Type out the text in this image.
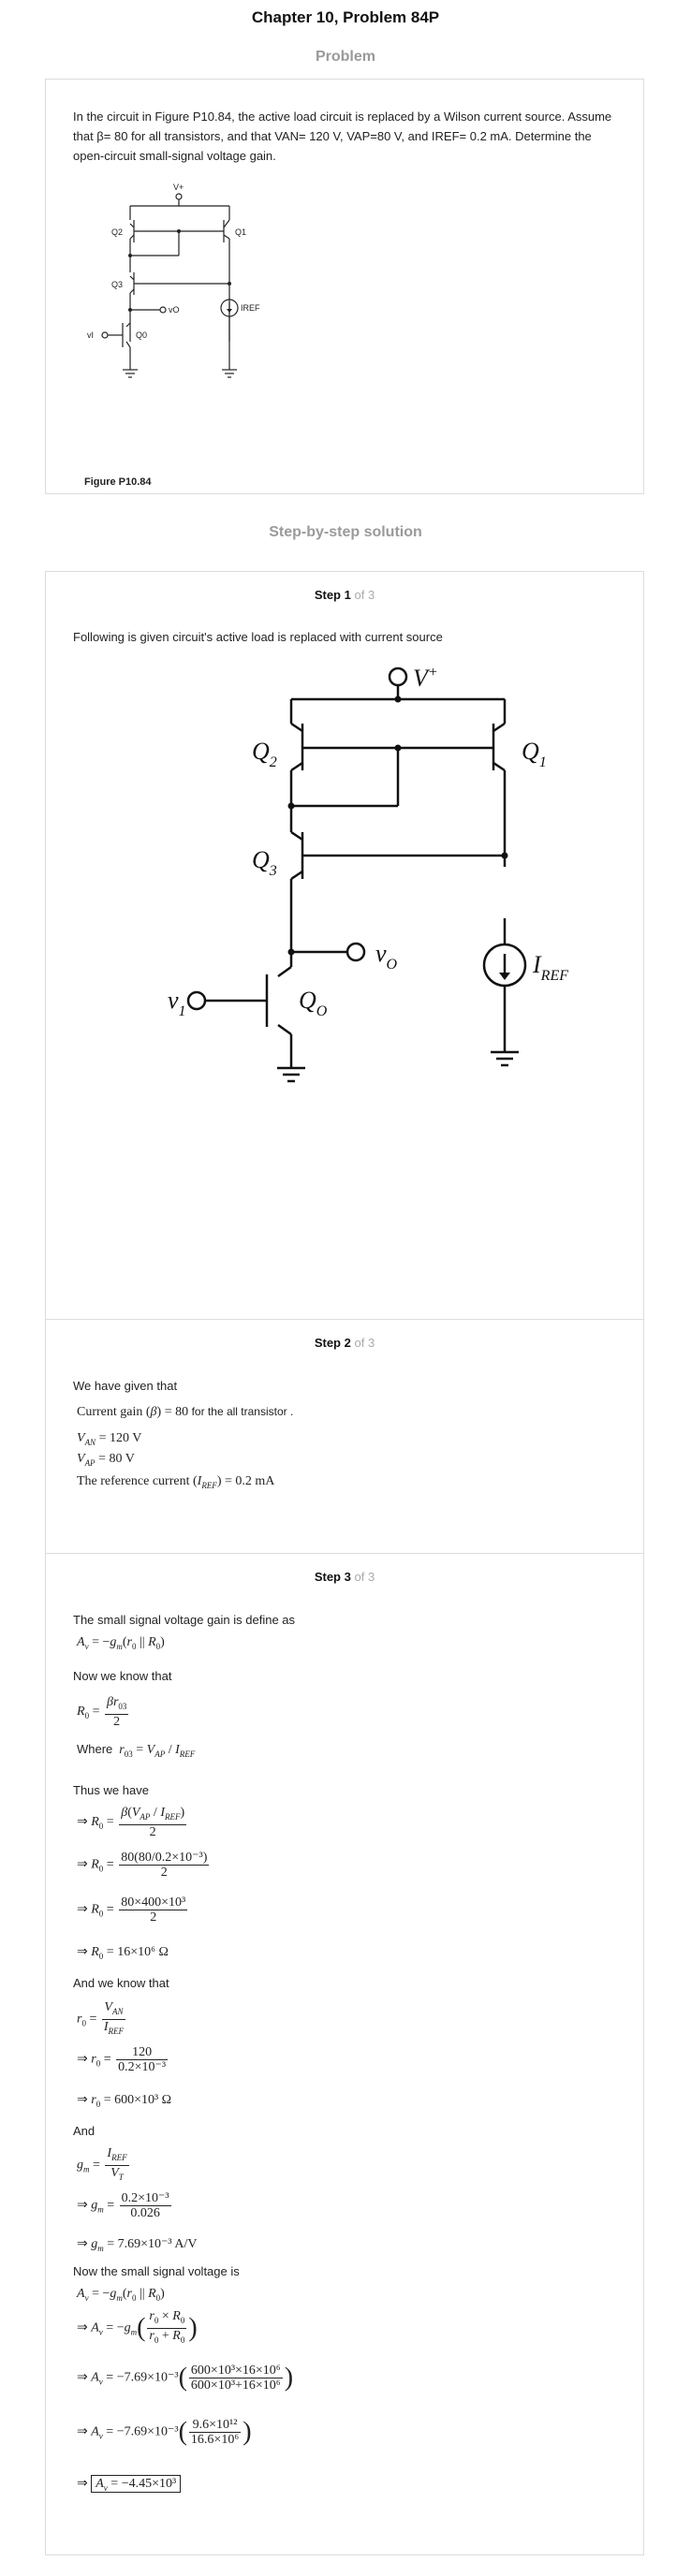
Chapter 10, Problem 84P
Problem
In the circuit in Figure P10.84, the active load circuit is replaced by a Wilson current source. Assume that β= 80 for all transistors, and that VAN= 120 V, VAP=80 V, and IREF= 0.2 mA. Determine the open-circuit small-signal voltage gain.
V+
Q2	Q1
Q3
vO	IREF
vI	Q0
Figure P10.84
Step-by-step solution
Step 1 of 3
Following is given circuit's active load is replaced with current source
V+
$Q_2$	$Q_1$
$Q_3$
$v_O$	$I_{REF}$
$v_1$	$Q_O$
Step 2 of 3
We have given that
Current gain (β) = 80 for the all transistor .
$V_{AN} = 120$ V
$V_{AP} = 80$ V
The reference current $(I_{REF}) = 0.2$ mA
Step 3 of 3
The small signal voltage gain is define as
$A_v = -g_m(r_0$ || $R_0$)
Now we know that
$R_0 = \frac{\beta r_{03}}{2}$
Where $r_{03} = V_{AP} / I_{REF}$
Thus we have
⇒ $R_0 = \frac{\beta(V_{AP} / I_{REF})}{2}$
⇒ $R_0 = \frac{\text{80(80/0.2×10⁻³)}}{2}$
⇒ $R_0 = \frac{\text{80×400×10³}}{2}$
⇒ $R_0 = 16\times 10^6$ Ω
And we know that
$r_0 = \frac{V_{AN}}{I_{REF}}$
⇒ $r_0 = \frac{120}{\text{0.2×10⁻³}}$
⇒ $r_0 = 600\times 10^3$ Ω
And
$g_m = \frac{I_{REF}}{V_T}$
⇒ $g_m = \frac{\text{0.2×10⁻³}}{0.026}$
⇒ $g_m = 7.69\times 10^{-3}$ A/V
Now the small signal voltage is
$A_v = -g_m(r_0$ || $R_0$)
⇒ $A_v = -g_m( \frac{r_0 \times R_0}{r_0 + R_0}$ )
⇒ $A_v = -7.69\times 10^{-3}( \frac{\text{600×10³×16×10⁶}}{\text{600×10³+16×10⁶}}$ )
⇒ $A_v = -7.69\times 10^{-3}( \frac{\text{9.6×10¹²}}{\text{16.6×10⁶}}$ )
⇒ $A_v = -4.45\times 10^3$
